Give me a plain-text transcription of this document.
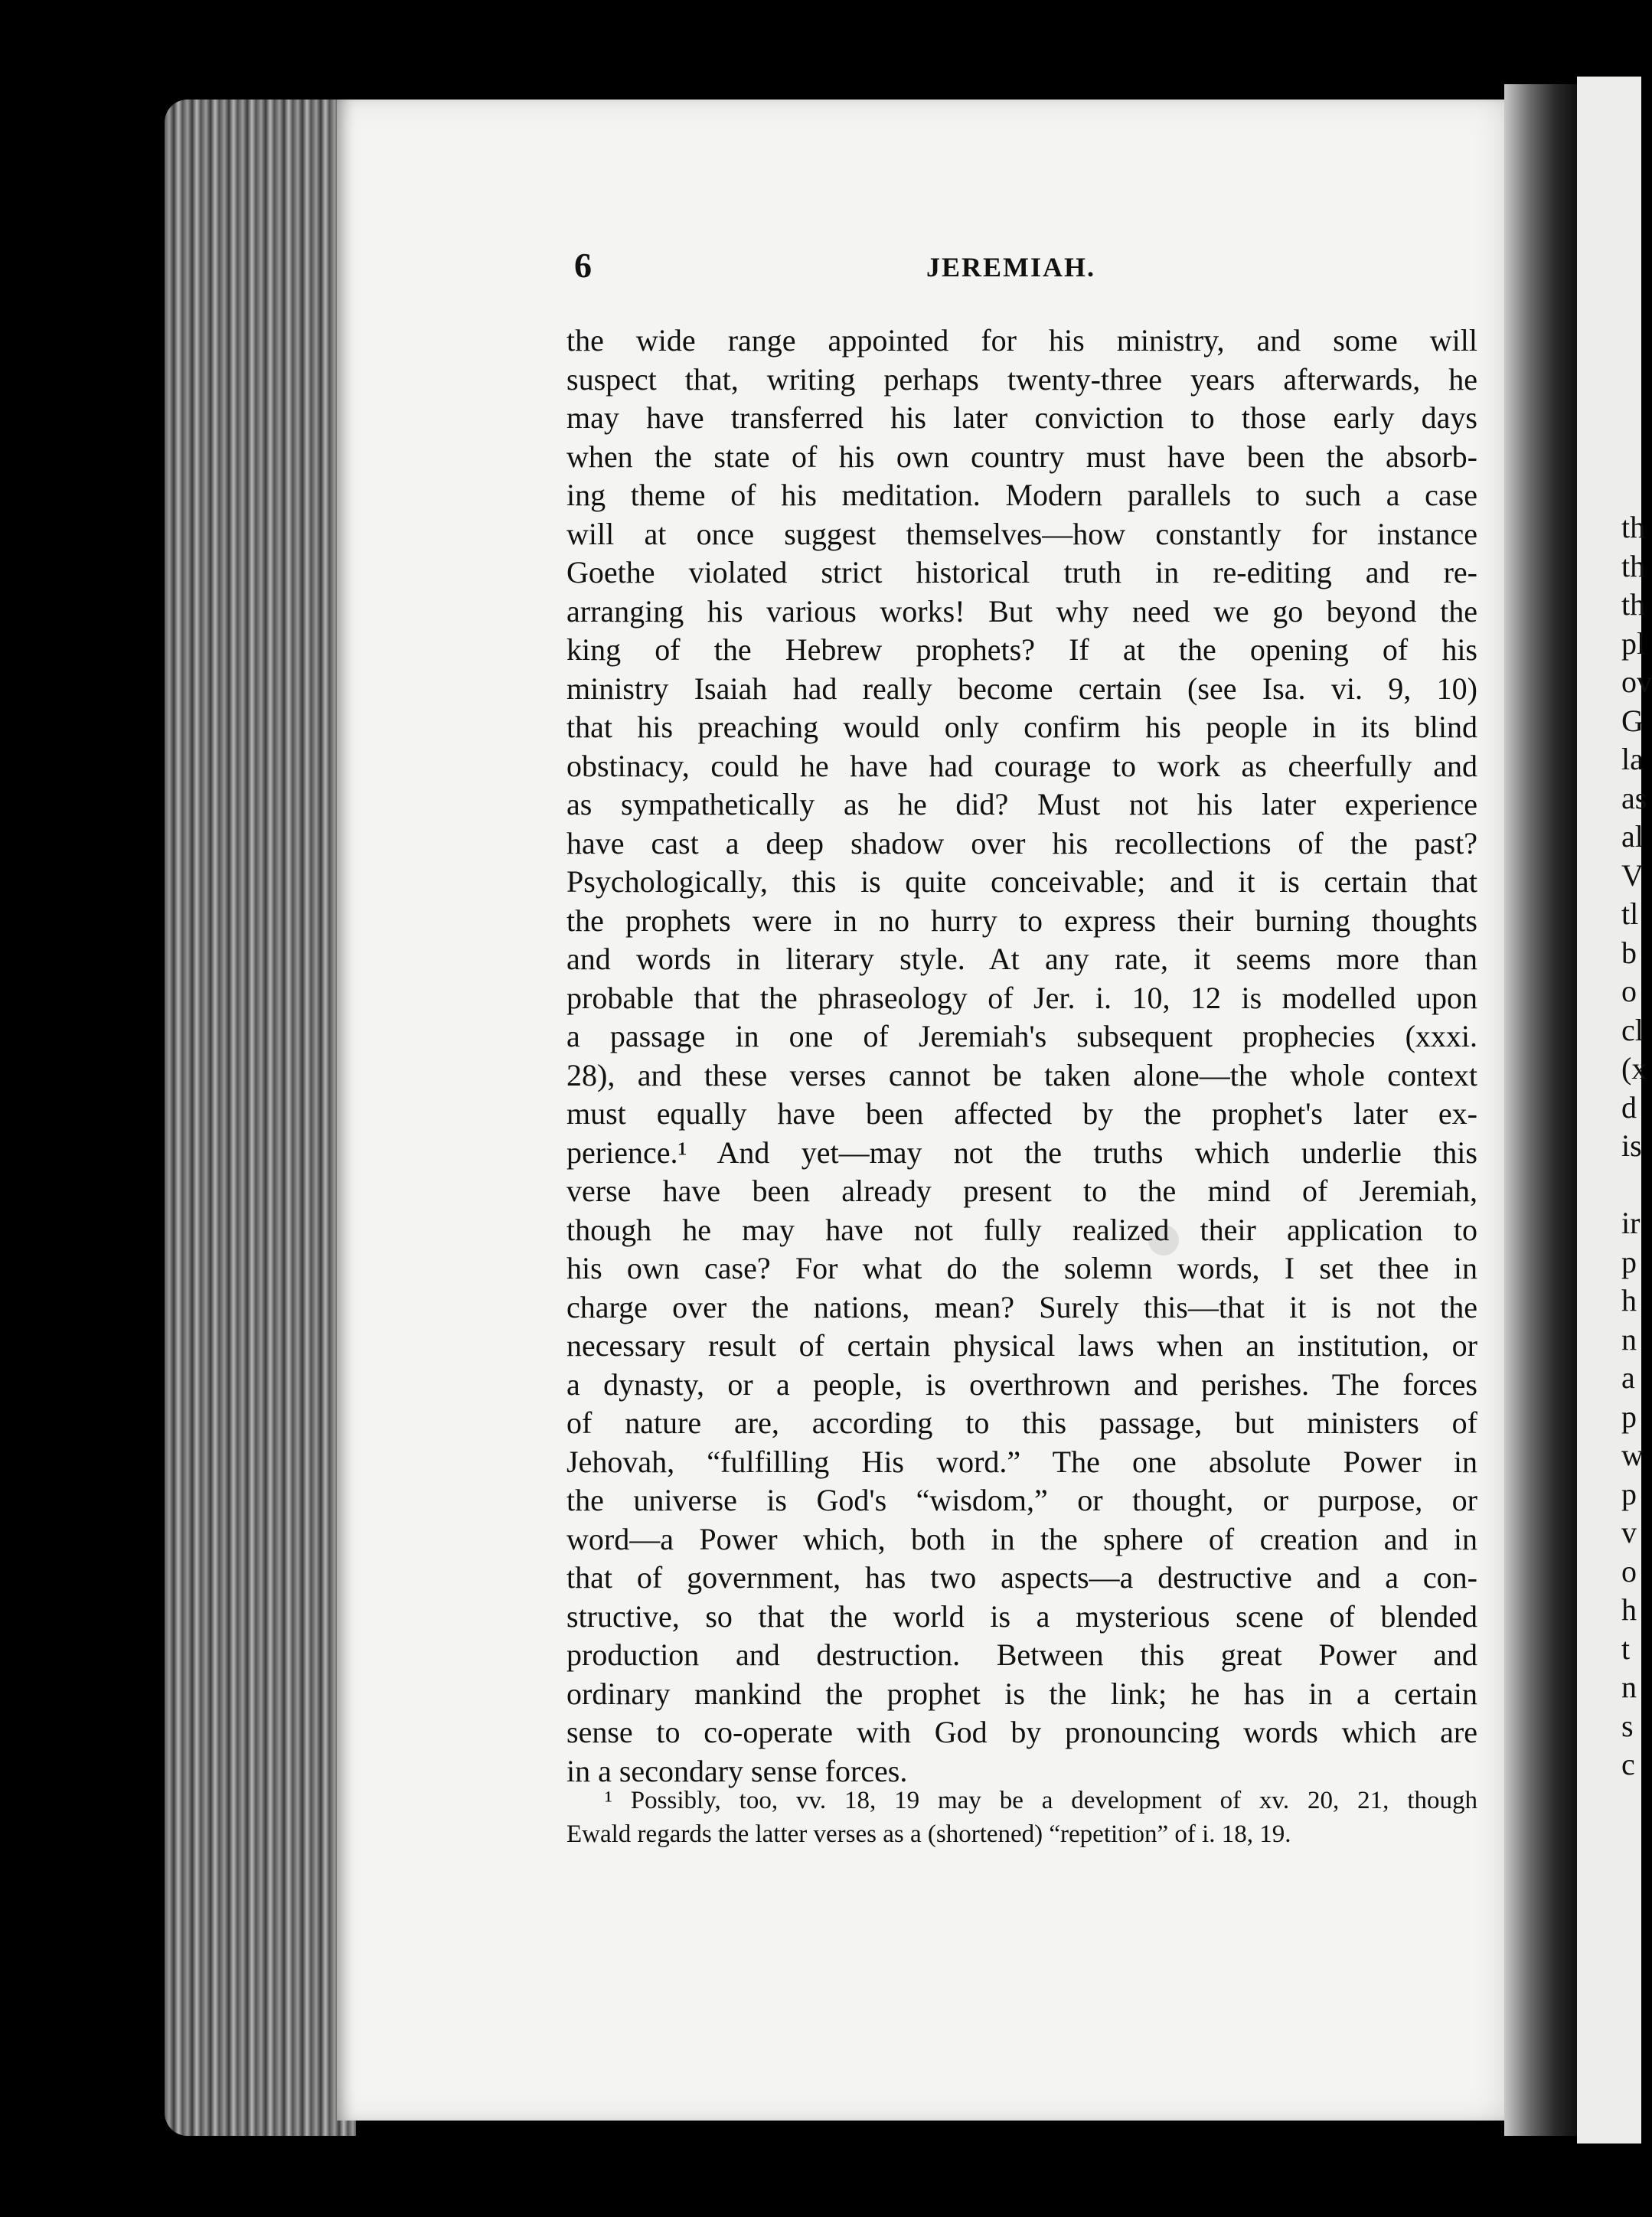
th
th
th
pl
ov
G
la
as
al
V
tl
b
o
cl
(x
d
is
ir
p
h
n
a
p
w
p
v
o
h
t
n
s
c
6	JEREMIAH.
the wide range appointed for his ministry, and some will
suspect that, writing perhaps twenty-three years afterwards, he
may have transferred his later conviction to those early days
when the state of his own country must have been the absorb-
ing theme of his meditation. Modern parallels to such a case
will at once suggest themselves—how constantly for instance
Goethe violated strict historical truth in re-editing and re-
arranging his various works! But why need we go beyond the
king of the Hebrew prophets? If at the opening of his
ministry Isaiah had really become certain (see Isa. vi. 9, 10)
that his preaching would only confirm his people in its blind
obstinacy, could he have had courage to work as cheerfully and
as sympathetically as he did? Must not his later experience
have cast a deep shadow over his recollections of the past?
Psychologically, this is quite conceivable; and it is certain that
the prophets were in no hurry to express their burning thoughts
and words in literary style. At any rate, it seems more than
probable that the phraseology of Jer. i. 10, 12 is modelled upon
a passage in one of Jeremiah's subsequent prophecies (xxxi.
28), and these verses cannot be taken alone—the whole context
must equally have been affected by the prophet's later ex-
perience.¹ And yet—may not the truths which underlie this
verse have been already present to the mind of Jeremiah,
though he may have not fully realized their application to
his own case? For what do the solemn words, I set thee in
charge over the nations, mean? Surely this—that it is not the
necessary result of certain physical laws when an institution, or
a dynasty, or a people, is overthrown and perishes. The forces
of nature are, according to this passage, but ministers of
Jehovah, “fulfilling His word.” The one absolute Power in
the universe is God's “wisdom,” or thought, or purpose, or
word—a Power which, both in the sphere of creation and in
that of government, has two aspects—a destructive and a con-
structive, so that the world is a mysterious scene of blended
production and destruction. Between this great Power and
ordinary mankind the prophet is the link; he has in a certain
sense to co-operate with God by pronouncing words which are
in a secondary sense forces.
¹ Possibly, too, vv. 18, 19 may be a development of xv. 20, 21, though
Ewald regards the latter verses as a (shortened) “repetition” of i. 18, 19.
